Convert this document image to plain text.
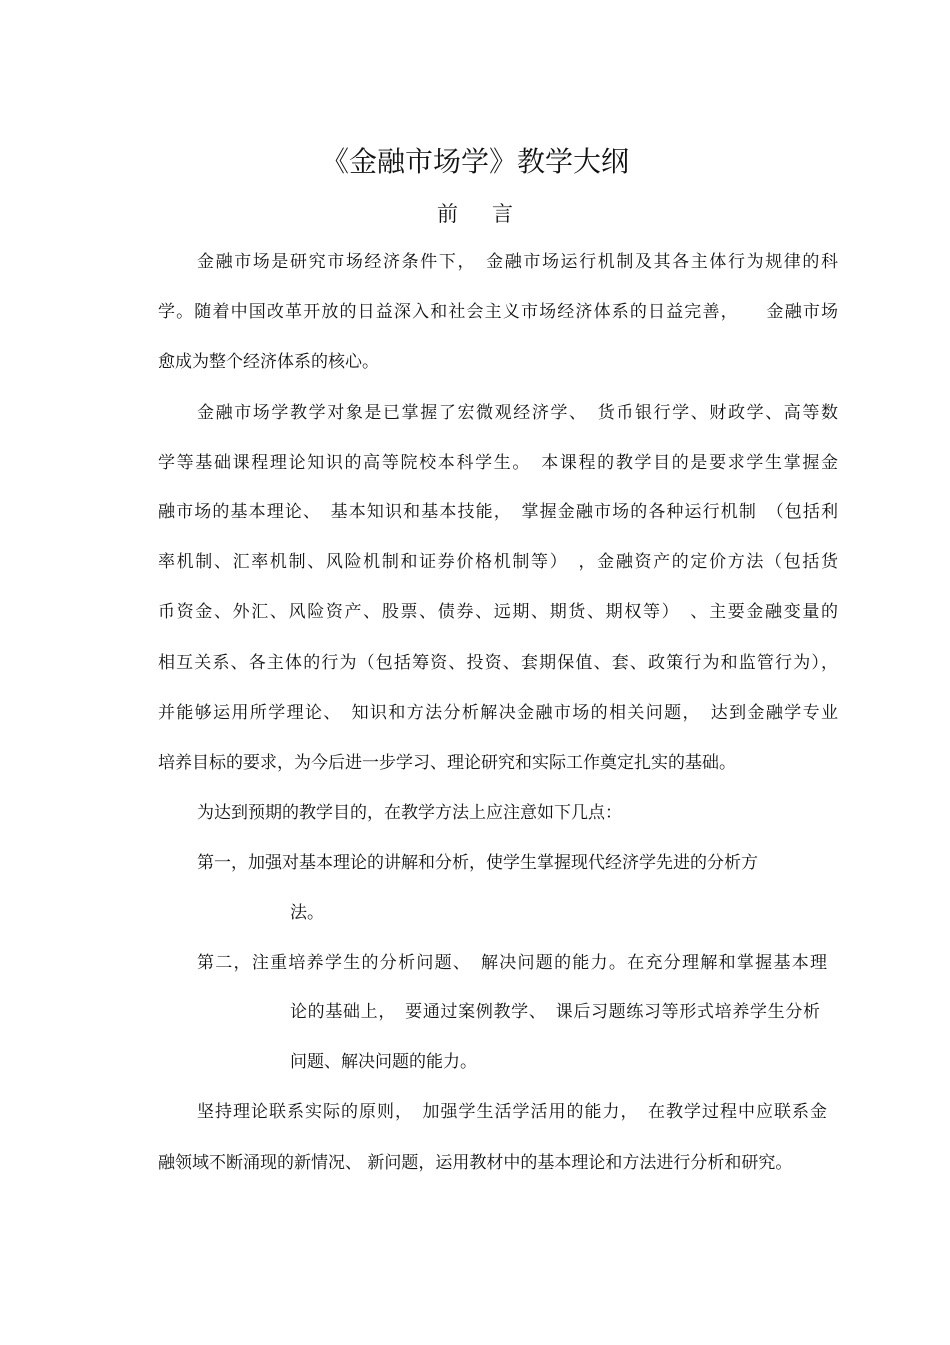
《金融市场学》教学大纲
前 言

金融市场是研究市场经济条件下，　金融市场运行机制及其各主体行为规律的科

学。随着中国改革开放的日益深入和社会主义市场经济体系的日益完善，　　金融市场

愈成为整个经济体系的核心。

金融市场学教学对象是已掌握了宏微观经济学、　货币银行学、财政学、高等数

学等基础课程理论知识的高等院校本科学生。　本课程的教学目的是要求学生掌握金

融市场的基本理论、　基本知识和基本技能，　掌握金融市场的各种运行机制　（包括利

率机制、汇率机制、风险机制和证券价格机制等）　，金融资产的定价方法（包括货

币资金、外汇、风险资产、股票、债券、远期、期货、期权等）　、主要金融变量的

相互关系、各主体的行为（包括筹资、投资、套期保值、套、政策行为和监管行为），

并能够运用所学理论、　知识和方法分析解决金融市场的相关问题，　达到金融学专业

培养目标的要求，为今后进一步学习、理论研究和实际工作奠定扎实的基础。

为达到预期的教学目的，在教学方法上应注意如下几点：

第一，加强对基本理论的讲解和分析，使学生掌握现代经济学先进的分析方

法。

第二，注重培养学生的分析问题、　解决问题的能力。在充分理解和掌握基本理

论的基础上，　要通过案例教学、　课后习题练习等形式培养学生分析

问题、解决问题的能力。

坚持理论联系实际的原则，　加强学生活学活用的能力，　在教学过程中应联系金

融领域不断涌现的新情况、 新问题，运用教材中的基本理论和方法进行分析和研究。
